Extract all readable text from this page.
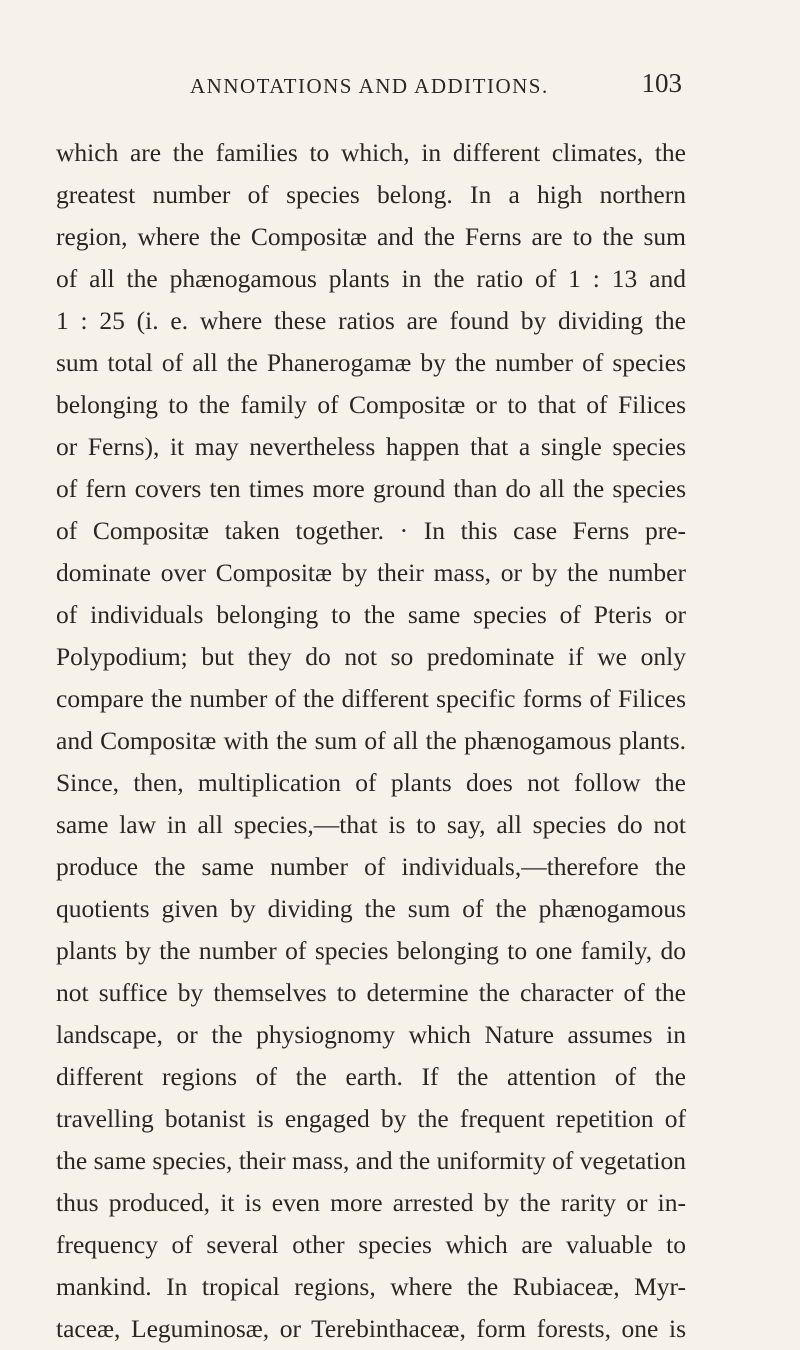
ANNOTATIONS AND ADDITIONS.	103
which are the families to which, in different climates, the
greatest number of species belong. In a high northern
region, where the Compositæ and the Ferns are to the sum
of all the phænogamous plants in the ratio of 1 : 13 and
1 : 25 (i. e. where these ratios are found by dividing the
sum total of all the Phanerogamæ by the number of species
belonging to the family of Compositæ or to that of Filices
or Ferns), it may nevertheless happen that a single species
of fern covers ten times more ground than do all the species
of Compositæ taken together. · In this case Ferns pre-
dominate over Compositæ by their mass, or by the number
of individuals belonging to the same species of Pteris or
Polypodium; but they do not so predominate if we only
compare the number of the different specific forms of Filices
and Compositæ with the sum of all the phænogamous plants.
Since, then, multiplication of plants does not follow the
same law in all species,—that is to say, all species do not
produce the same number of individuals,—therefore the
quotients given by dividing the sum of the phænogamous
plants by the number of species belonging to one family, do
not suffice by themselves to determine the character of the
landscape, or the physiognomy which Nature assumes in
different regions of the earth. If the attention of the
travelling botanist is engaged by the frequent repetition of
the same species, their mass, and the uniformity of vegetation
thus produced, it is even more arrested by the rarity or in-
frequency of several other species which are valuable to
mankind. In tropical regions, where the Rubiaceæ, Myr-
taceæ, Leguminosæ, or Terebinthaceæ, form forests, one is
